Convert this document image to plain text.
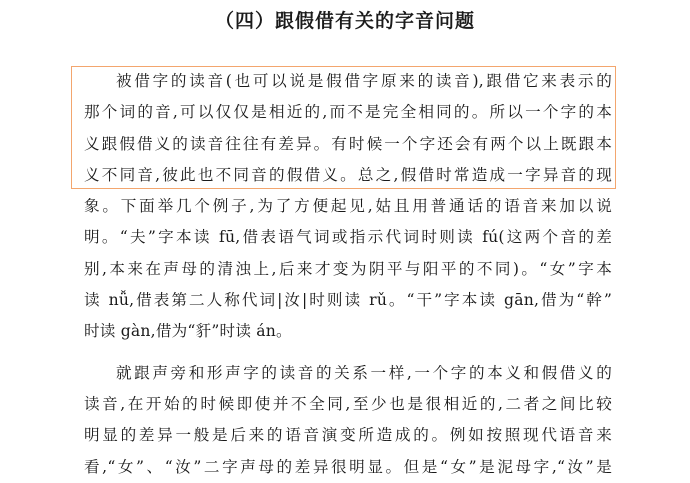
（四）跟假借有关的字音问题
被借字的读音(也可以说是假借字原来的读音),跟借它来表示的
那个词的音,可以仅仅是相近的,而不是完全相同的。所以一个字的本
义跟假借义的读音往往有差异。有时候一个字还会有两个以上既跟本
义不同音,彼此也不同音的假借义。总之,假借时常造成一字异音的现
象。下面举几个例子,为了方便起见,姑且用普通话的语音来加以说
明。“夫”字本读 fū,借表语气词或指示代词时则读 fú(这两个音的差
别,本来在声母的清浊上,后来才变为阴平与阳平的不同)。“女”字本
读 nǚ,借表第二人称代词|汝|时则读 rǔ。“干”字本读 gān,借为“幹”
时读 gàn,借为“豻”时读 án。
就跟声旁和形声字的读音的关系一样,一个字的本义和假借义的
读音,在开始的时候即使并不全同,至少也是很相近的,二者之间比较
明显的差异一般是后来的语音演变所造成的。例如按照现代语音来
看,“女”、“汝”二字声母的差异很明显。但是“女”是泥母字,“汝”是
